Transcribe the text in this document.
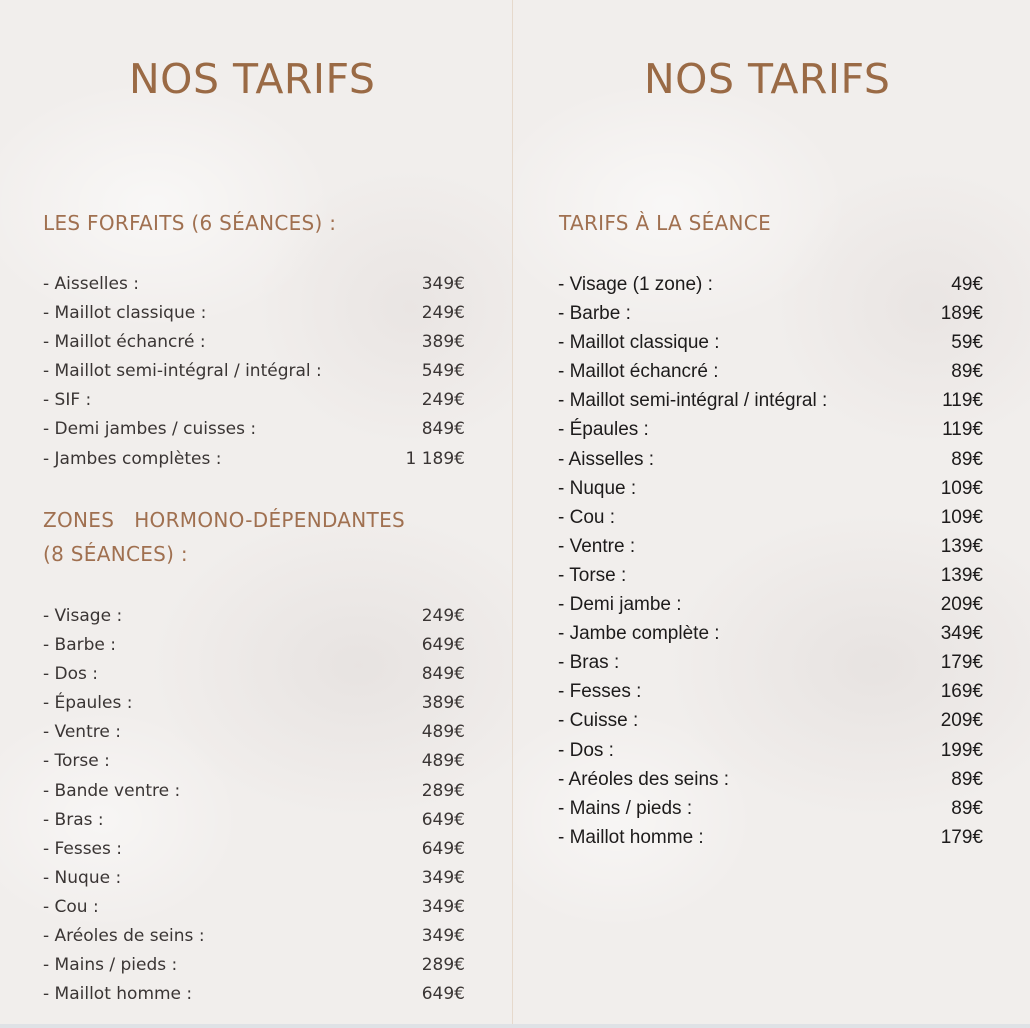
NOS TARIFS
LES FORFAITS (6 SÉANCES) :
- Aisselles :	349€
- Maillot classique :	249€
- Maillot échancré :	389€
- Maillot semi-intégral / intégral :	549€
- SIF :	249€
- Demi jambes / cuisses :	849€
- Jambes complètes :	1 189€
ZONES   HORMONO-DÉPENDANTES
(8 SÉANCES) :
- Visage :	249€
- Barbe :	649€
- Dos :	849€
- Épaules :	389€
- Ventre :	489€
- Torse :	489€
- Bande ventre :	289€
- Bras :	649€
- Fesses :	649€
- Nuque :	349€
- Cou :	349€
- Aréoles de seins :	349€
- Mains / pieds :	289€
- Maillot homme :	649€
NOS TARIFS
TARIFS À LA SÉANCE
- Visage (1 zone) :	49€
- Barbe :	189€
- Maillot classique :	59€
- Maillot échancré :	89€
- Maillot semi-intégral / intégral :	119€
- Épaules :	119€
- Aisselles :	89€
- Nuque :	109€
- Cou :	109€
- Ventre :	139€
- Torse :	139€
- Demi jambe :	209€
- Jambe complète :	349€
- Bras :	179€
- Fesses :	169€
- Cuisse :	209€
- Dos :	199€
- Aréoles des seins :	89€
- Mains / pieds :	89€
- Maillot homme :	179€
